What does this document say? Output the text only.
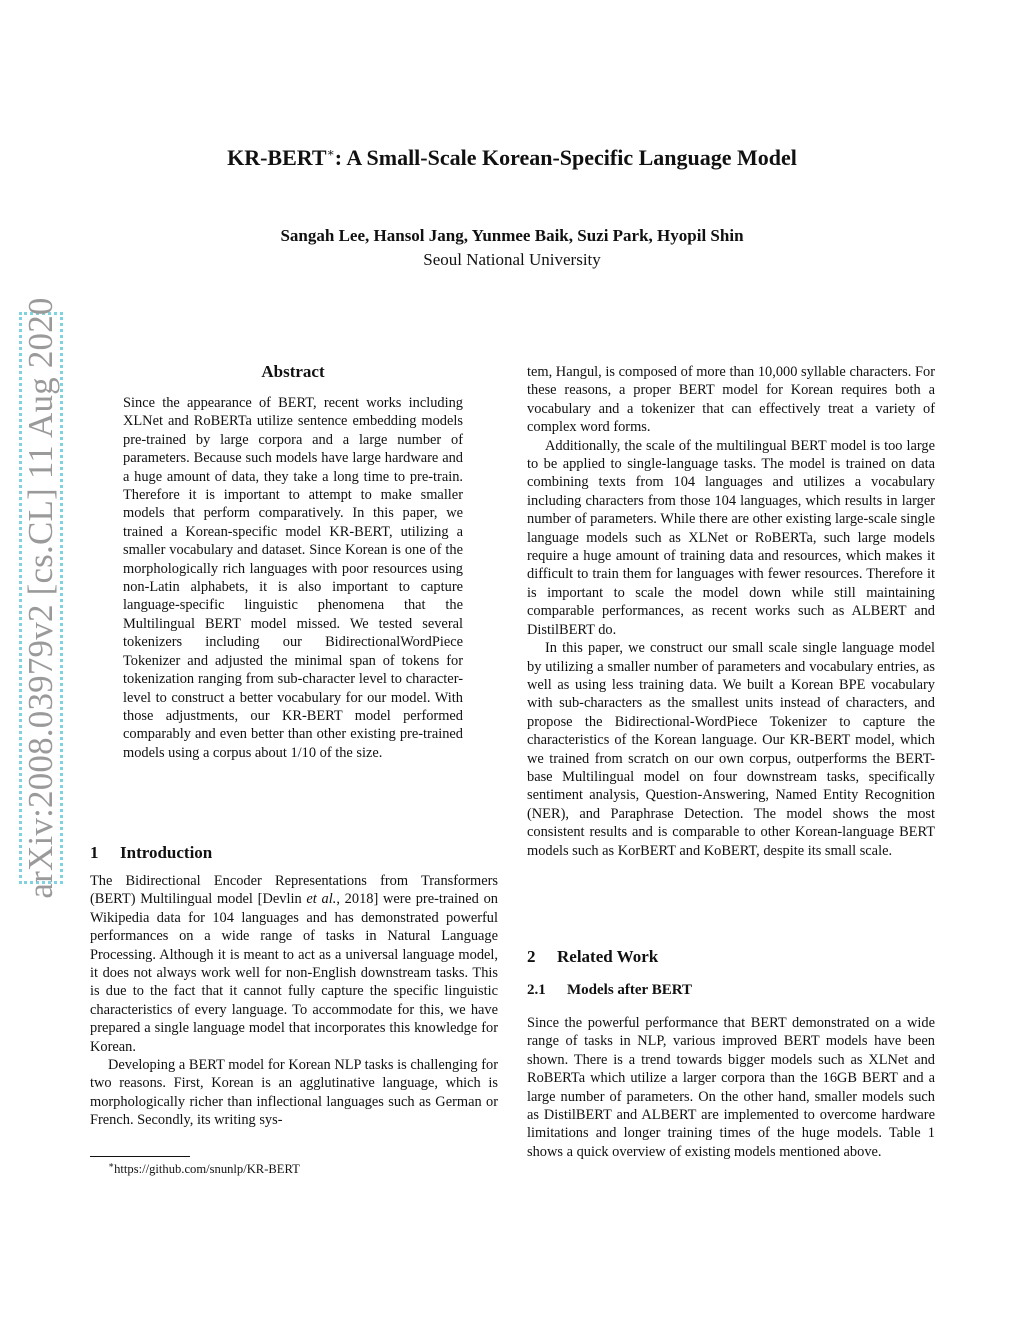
arXiv:2008.03979v2 [cs.CL] 11 Aug 2020
KR-BERT∗: A Small-Scale Korean-Specific Language Model
Sangah Lee, Hansol Jang, Yunmee Baik, Suzi Park, Hyopil Shin
Seoul National University
Abstract

Since the appearance of BERT, recent works including XLNet and RoBERTa utilize sentence embedding models pre-trained by large corpora and a large number of parameters. Because such models have large hardware and a huge amount of data, they take a long time to pre-train. Therefore it is important to attempt to make smaller models that perform comparatively. In this paper, we trained a Korean-specific model KR-BERT, utilizing a smaller vocabulary and dataset. Since Korean is one of the morphologically rich languages with poor resources using non-Latin alphabets, it is also important to capture language-specific linguistic phenomena that the Multilingual BERT model missed. We tested several tokenizers including our BidirectionalWordPiece Tokenizer and adjusted the minimal span of tokens for tokenization ranging from sub-character level to character-level to construct a better vocabulary for our model. With those adjustments, our KR-BERT model performed comparably and even better than other existing pre-trained models using a corpus about 1/10 of the size.

1 Introduction

The Bidirectional Encoder Representations from Transformers (BERT) Multilingual model [Devlin et al., 2018] were pre-trained on Wikipedia data for 104 languages and has demonstrated powerful performances on a wide range of tasks in Natural Language Processing. Although it is meant to act as a universal language model, it does not always work well for non-English downstream tasks. This is due to the fact that it cannot fully capture the specific linguistic characteristics of every language. To accommodate for this, we have prepared a single language model that incorporates this knowledge for Korean.

Developing a BERT model for Korean NLP tasks is challenging for two reasons. First, Korean is an agglutinative language, which is morphologically richer than inflectional languages such as German or French. Secondly, its writing sys-

∗https://github.com/snunlp/KR-BERT

tem, Hangul, is composed of more than 10,000 syllable characters. For these reasons, a proper BERT model for Korean requires both a vocabulary and a tokenizer that can effectively treat a variety of complex word forms.

Additionally, the scale of the multilingual BERT model is too large to be applied to single-language tasks. The model is trained on data combining texts from 104 languages and utilizes a vocabulary including characters from those 104 languages, which results in larger number of parameters. While there are other existing large-scale single language models such as XLNet or RoBERTa, such large models require a huge amount of training data and resources, which makes it difficult to train them for languages with fewer resources. Therefore it is important to scale the model down while still maintaining comparable performances, as recent works such as ALBERT and DistilBERT do.

In this paper, we construct our small scale single language model by utilizing a smaller number of parameters and vocabulary entries, as well as using less training data. We built a Korean BPE vocabulary with sub-characters as the smallest units instead of characters, and propose the Bidirectional-WordPiece Tokenizer to capture the characteristics of the Korean language. Our KR-BERT model, which we trained from scratch on our own corpus, outperforms the BERT-base Multilingual model on four downstream tasks, specifically sentiment analysis, Question-Answering, Named Entity Recognition (NER), and Paraphrase Detection. The model shows the most consistent results and is comparable to other Korean-language BERT models such as KorBERT and KoBERT, despite its small scale.

2 Related Work
2.1 Models after BERT

Since the powerful performance that BERT demonstrated on a wide range of tasks in NLP, various improved BERT models have been shown. There is a trend towards bigger models such as XLNet and RoBERTa which utilize a larger corpora than the 16GB BERT and a large number of parameters. On the other hand, smaller models such as DistilBERT and ALBERT are implemented to overcome hardware limitations and longer training times of the huge models. Table 1 shows a quick overview of existing models mentioned above.
